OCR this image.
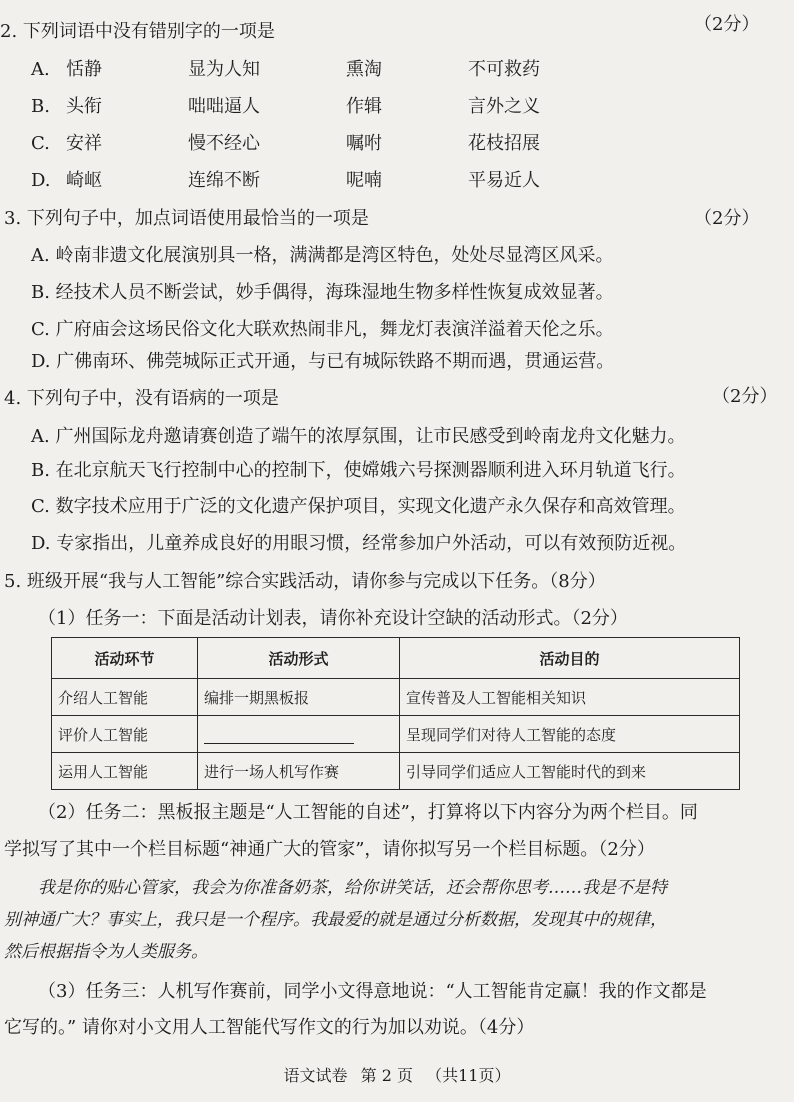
2. 下列词语中没有错别字的一项是	（2分）
A. 恬静	显为人知	熏淘	不可救药
B. 头衔	咄咄逼人	作辑	言外之义
C. 安祥	慢不经心	嘱咐	花枝招展
D. 崎岖	连绵不断	呢喃	平易近人
3. 下列句子中，加点词语使用最恰当的一项是	（2分）
A. 岭南非遗文化展演别具一格，满满都是湾区特色，处处尽显湾区风采。
B. 经技术人员不断尝试，妙手偶得，海珠湿地生物多样性恢复成效显著。
C. 广府庙会这场民俗文化大联欢热闹非凡，舞龙灯表演洋溢着天伦之乐。
D. 广佛南环、佛莞城际正式开通，与已有城际铁路不期而遇，贯通运营。
4. 下列句子中，没有语病的一项是	（2分）
A. 广州国际龙舟邀请赛创造了端午的浓厚氛围，让市民感受到岭南龙舟文化魅力。
B. 在北京航天飞行控制中心的控制下，使嫦娥六号探测器顺利进入环月轨道飞行。
C. 数字技术应用于广泛的文化遗产保护项目，实现文化遗产永久保存和高效管理。
D. 专家指出，儿童养成良好的用眼习惯，经常参加户外活动，可以有效预防近视。
5. 班级开展“我与人工智能”综合实践活动，请你参与完成以下任务。（8分）
（1）任务一：下面是活动计划表，请你补充设计空缺的活动形式。（2分）
活动环节	活动形式	活动目的
介绍人工智能	编排一期黑板报	宣传普及人工智能相关知识
评价人工智能		呈现同学们对待人工智能的态度
运用人工智能	进行一场人机写作赛	引导同学们适应人工智能时代的到来
（2）任务二：黑板报主题是“人工智能的自述”，打算将以下内容分为两个栏目。同
学拟写了其中一个栏目标题“神通广大的管家”，请你拟写另一个栏目标题。（2分）
我是你的贴心管家，我会为你准备奶茶，给你讲笑话，还会帮你思考……我是不是特
别神通广大？事实上，我只是一个程序。我最爱的就是通过分析数据，发现其中的规律，
然后根据指令为人类服务。
（3）任务三：人机写作赛前，同学小文得意地说：“人工智能肯定赢！我的作文都是
它写的。” 请你对小文用人工智能代写作文的行为加以劝说。（4分）
语文试卷 第 2 页 （共11页）
